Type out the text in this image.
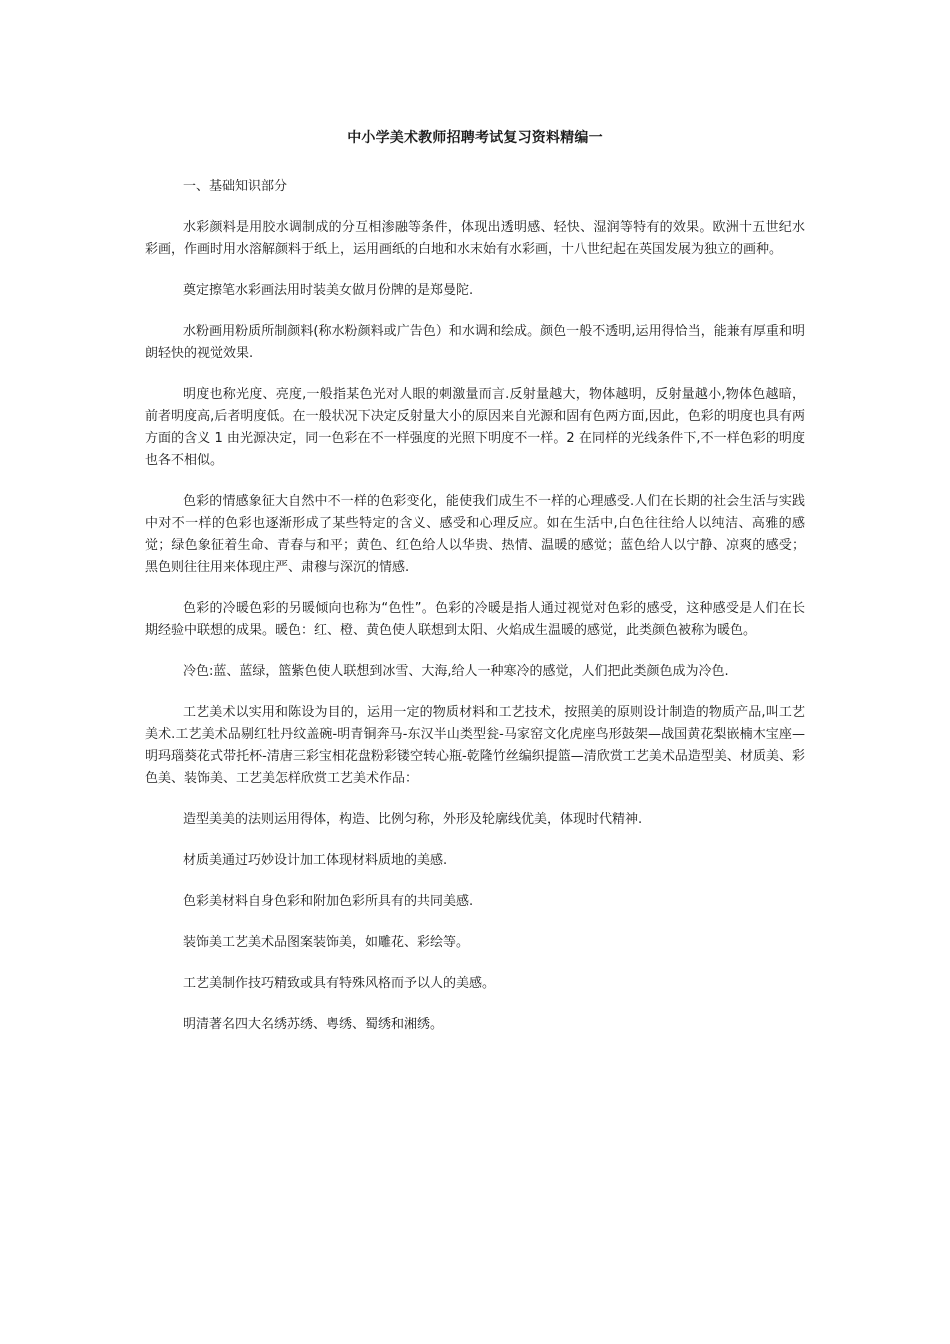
中小学美术教师招聘考试复习资料精编一

一、基础知识部分

水彩颜料是用胶水调制成的分互相渗融等条件，体现出透明感、轻快、湿润等特有的效果。欧洲十五世纪水彩画，作画时用水溶解颜料于纸上，运用画纸的白地和水末始有水彩画，十八世纪起在英国发展为独立的画种。

奠定擦笔水彩画法用时装美女做月份牌的是郑曼陀.

水粉画用粉质所制颜料(称水粉颜料或广告色）和水调和绘成。颜色一般不透明,运用得恰当，能兼有厚重和明朗轻快的视觉效果.

明度也称光度、亮度,一般指某色光对人眼的刺激量而言.反射量越大，物体越明，反射量越小,物体色越暗，前者明度高,后者明度低。在一般状况下决定反射量大小的原因来自光源和固有色两方面,因此，色彩的明度也具有两方面的含义 1 由光源决定，同一色彩在不一样强度的光照下明度不一样。2 在同样的光线条件下,不一样色彩的明度也各不相似。

色彩的情感象征大自然中不一样的色彩变化，能使我们成生不一样的心理感受.人们在长期的社会生活与实践中对不一样的色彩也逐渐形成了某些特定的含义、感受和心理反应。如在生活中,白色往往给人以纯洁、高雅的感觉；绿色象征着生命、青春与和平；黄色、红色给人以华贵、热情、温暖的感觉；蓝色给人以宁静、凉爽的感受；黑色则往往用来体现庄严、肃穆与深沉的情感.

色彩的冷暖色彩的另暖倾向也称为“色性”。色彩的冷暖是指人通过视觉对色彩的感受，这种感受是人们在长期经验中联想的成果。暖色：红、橙、黄色使人联想到太阳、火焰成生温暖的感觉，此类颜色被称为暖色。

冷色:蓝、蓝绿，篮紫色使人联想到冰雪、大海,给人一种寒冷的感觉，人们把此类颜色成为冷色.

工艺美术以实用和陈设为目的，运用一定的物质材料和工艺技术，按照美的原则设计制造的物质产品,叫工艺美术.工艺美术品剔红牡丹纹盖碗-明青铜奔马-东汉半山类型瓮-马家窑文化虎座鸟形鼓架—战国黄花梨嵌楠木宝座—明玛瑙葵花式带托杯-清唐三彩宝相花盘粉彩镂空转心瓶-乾隆竹丝编织提篮—清欣赏工艺美术品造型美、材质美、彩色美、装饰美、工艺美怎样欣赏工艺美术作品：

造型美美的法则运用得体，构造、比例匀称，外形及轮廓线优美，体现时代精神.

材质美通过巧妙设计加工体现材料质地的美感.

色彩美材料自身色彩和附加色彩所具有的共同美感.

装饰美工艺美术品图案装饰美，如雕花、彩绘等。

工艺美制作技巧精致或具有特殊风格而予以人的美感。

明清著名四大名绣苏绣、粤绣、蜀绣和湘绣。
